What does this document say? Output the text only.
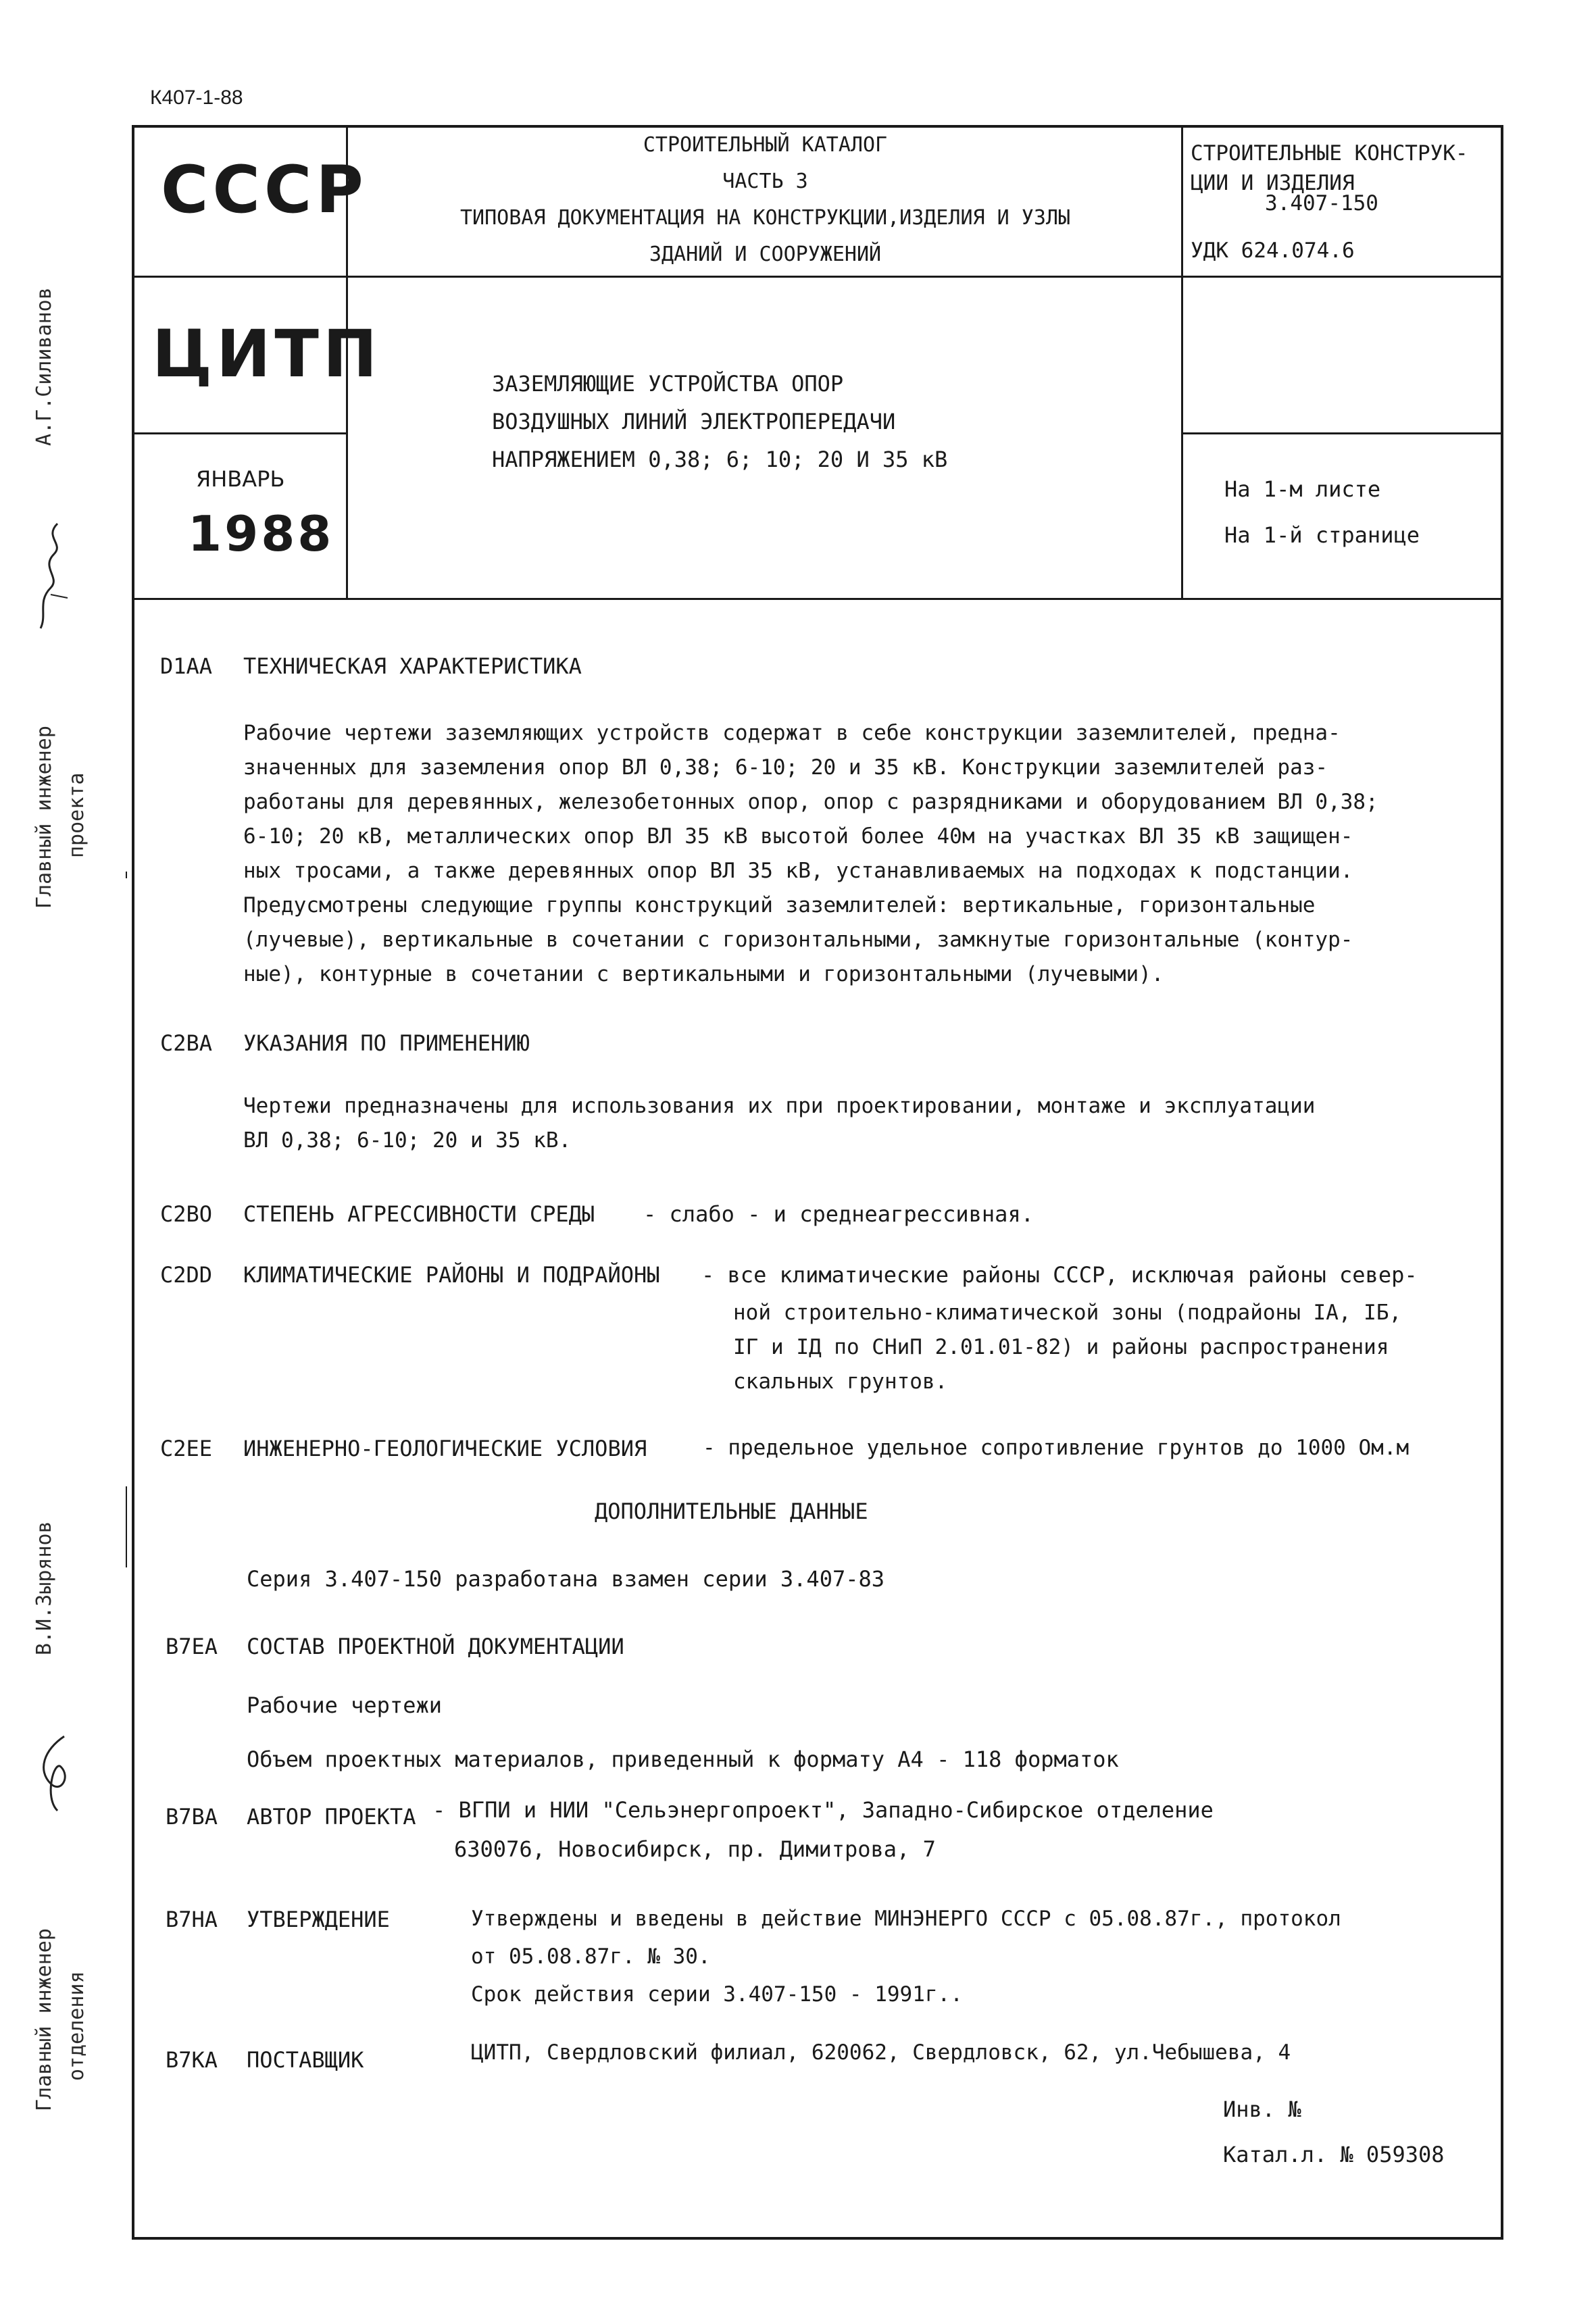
К407-1-88
СССР
ЦИТП
ЯНВАРЬ
1988
СТРОИТЕЛЬНЫЙ КАТАЛОГ
ЧАСТЬ 3
ТИПОВАЯ ДОКУМЕНТАЦИЯ НА КОНСТРУКЦИИ,ИЗДЕЛИЯ И УЗЛЫ
ЗДАНИЙ И СООРУЖЕНИЙ
ЗАЗЕМЛЯЮЩИЕ УСТРОЙСТВА ОПОР
ВОЗДУШНЫХ ЛИНИЙ ЭЛЕКТРОПЕРЕДАЧИ
НАПРЯЖЕНИЕМ 0,38; 6; 10; 20 И 35 кВ
СТРОИТЕЛЬНЫЕ КОНСТРУК-
ЦИИ И ИЗДЕЛИЯ
3.407-150
УДК 624.074.6
На 1-м листе
На 1-й странице
D1AA ТЕХНИЧЕСКАЯ ХАРАКТЕРИСТИКА
Рабочие чертежи заземляющих устройств содержат в себе конструкции заземлителей, предна-
значенных для заземления опор ВЛ 0,38; 6-10; 20 и 35 кВ. Конструкции заземлителей раз-
работаны для деревянных, железобетонных опор, опор с разрядниками и оборудованием ВЛ 0,38;
6-10; 20 кВ, металлических опор ВЛ 35 кВ высотой более 40м на участках ВЛ 35 кВ защищен-
ных тросами, а также деревянных опор ВЛ 35 кВ, устанавливаемых на подходах к подстанции.
Предусмотрены следующие группы конструкций заземлителей: вертикальные, горизонтальные
(лучевые), вертикальные в сочетании с горизонтальными, замкнутые горизонтальные (контур-
ные), контурные в сочетании с вертикальными и горизонтальными (лучевыми).
C2BA УКАЗАНИЯ ПО ПРИМЕНЕНИЮ
Чертежи предназначены для использования их при проектировании, монтаже и эксплуатации
ВЛ 0,38; 6-10; 20 и 35 кВ.
C2BO СТЕПЕНЬ АГРЕССИВНОСТИ СРЕДЫ - слабо - и среднеагрессивная.
C2DD КЛИМАТИЧЕСКИЕ РАЙОНЫ И ПОДРАЙОНЫ - все климатические районы СССР, исключая районы север-
ной строительно-климатической зоны (подрайоны IА, IБ,
IГ и IД по СНиП 2.01.01-82) и районы распространения
скальных грунтов.
C2EE ИНЖЕНЕРНО-ГЕОЛОГИЧЕСКИЕ УСЛОВИЯ	- предельное удельное сопротивление грунтов до 1000 Ом.м
ДОПОЛНИТЕЛЬНЫЕ ДАННЫЕ
Серия 3.407-150 разработана взамен серии 3.407-83
B7EA СОСТАВ ПРОЕКТНОЙ ДОКУМЕНТАЦИИ
Рабочие чертежи
Объем проектных материалов, приведенный к формату А4 - 118 форматок
B7BA АВТОР ПРОЕКТА - ВГПИ и НИИ "Сельэнергопроект", Западно-Сибирское отделение
630076, Новосибирск, пр. Димитрова, 7
B7HA УТВЕРЖДЕНИЕ	Утверждены и введены в действие МИНЭНЕРГО СССР с 05.08.87г., протокол
от 05.08.87г. № 30.
Срок действия серии 3.407-150 - 1991г..
B7KA ПОСТАВЩИК	ЦИТП, Свердловский филиал, 620062, Свердловск, 62, ул.Чебышева, 4
Инв. №
Катал.л. № 059308
А.Г.Силиванов
Главный инженер проекта
В.И.Зырянов
Главный инженер отделения
